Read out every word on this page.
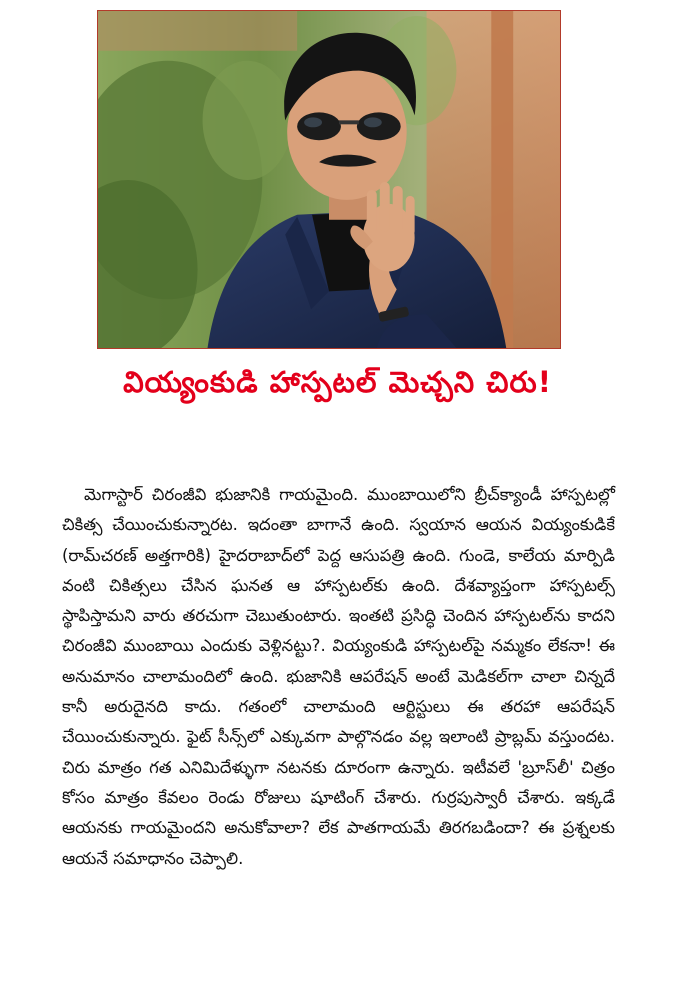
వియ్యంకుడి హాస్పటల్ మెచ్చని చిరు!

మెగాస్టార్ చిరంజీవి భుజానికి గాయమైంది. ముంబాయిలోని బ్రీచ్‌క్యాండీ హాస్పటల్లో చికిత్స చేయించుకున్నారట. ఇదంతా బాగానే ఉంది. స్వయాన ఆయన వియ్యంకుడికే (రామ్‌చరణ్ అత్తగారికి) హైదరాబాద్‌లో పెద్ద ఆసుపత్రి ఉంది. గుండె, కాలేయ మార్పిడి వంటి చికిత్సలు చేసిన ఘనత ఆ హాస్పటల్‌కు ఉంది. దేశవ్యాప్తంగా హాస్పటల్స్ స్థాపిస్తామని వారు తరచుగా చెబుతుంటారు. ఇంతటి ప్రసిద్ధి చెందిన హాస్పటల్‌ను కాదని చిరంజీవి ముంబాయి ఎందుకు వెళ్లినట్టు?. వియ్యంకుడి హాస్పటల్‌పై నమ్మకం లేకనా! ఈ అనుమానం చాలామందిలో ఉంది. భుజానికి ఆపరేషన్ అంటే మెడికల్‌గా చాలా చిన్నదే కానీ అరుదైనది కాదు. గతంలో చాలామంది ఆర్టిస్టులు ఈ తరహా ఆపరేషన్ చేయించుకున్నారు. ఫైట్ సీన్స్‌లో ఎక్కువగా పాల్గొనడం వల్ల ఇలాంటి ప్రాబ్లమ్ వస్తుందట. చిరు మాత్రం గత ఎనిమిదేళ్ళుగా నటనకు దూరంగా ఉన్నారు. ఇటీవలే 'బ్రూస్‌లీ' చిత్రం కోసం మాత్రం కేవలం రెండు రోజులు షూటింగ్ చేశారు. గుర్రపుస్వారీ చేశారు. ఇక్కడే ఆయనకు గాయమైందని అనుకోవాలా? లేక పాతగాయమే తిరగబడిందా? ఈ ప్రశ్నలకు ఆయనే సమాధానం చెప్పాలి.
